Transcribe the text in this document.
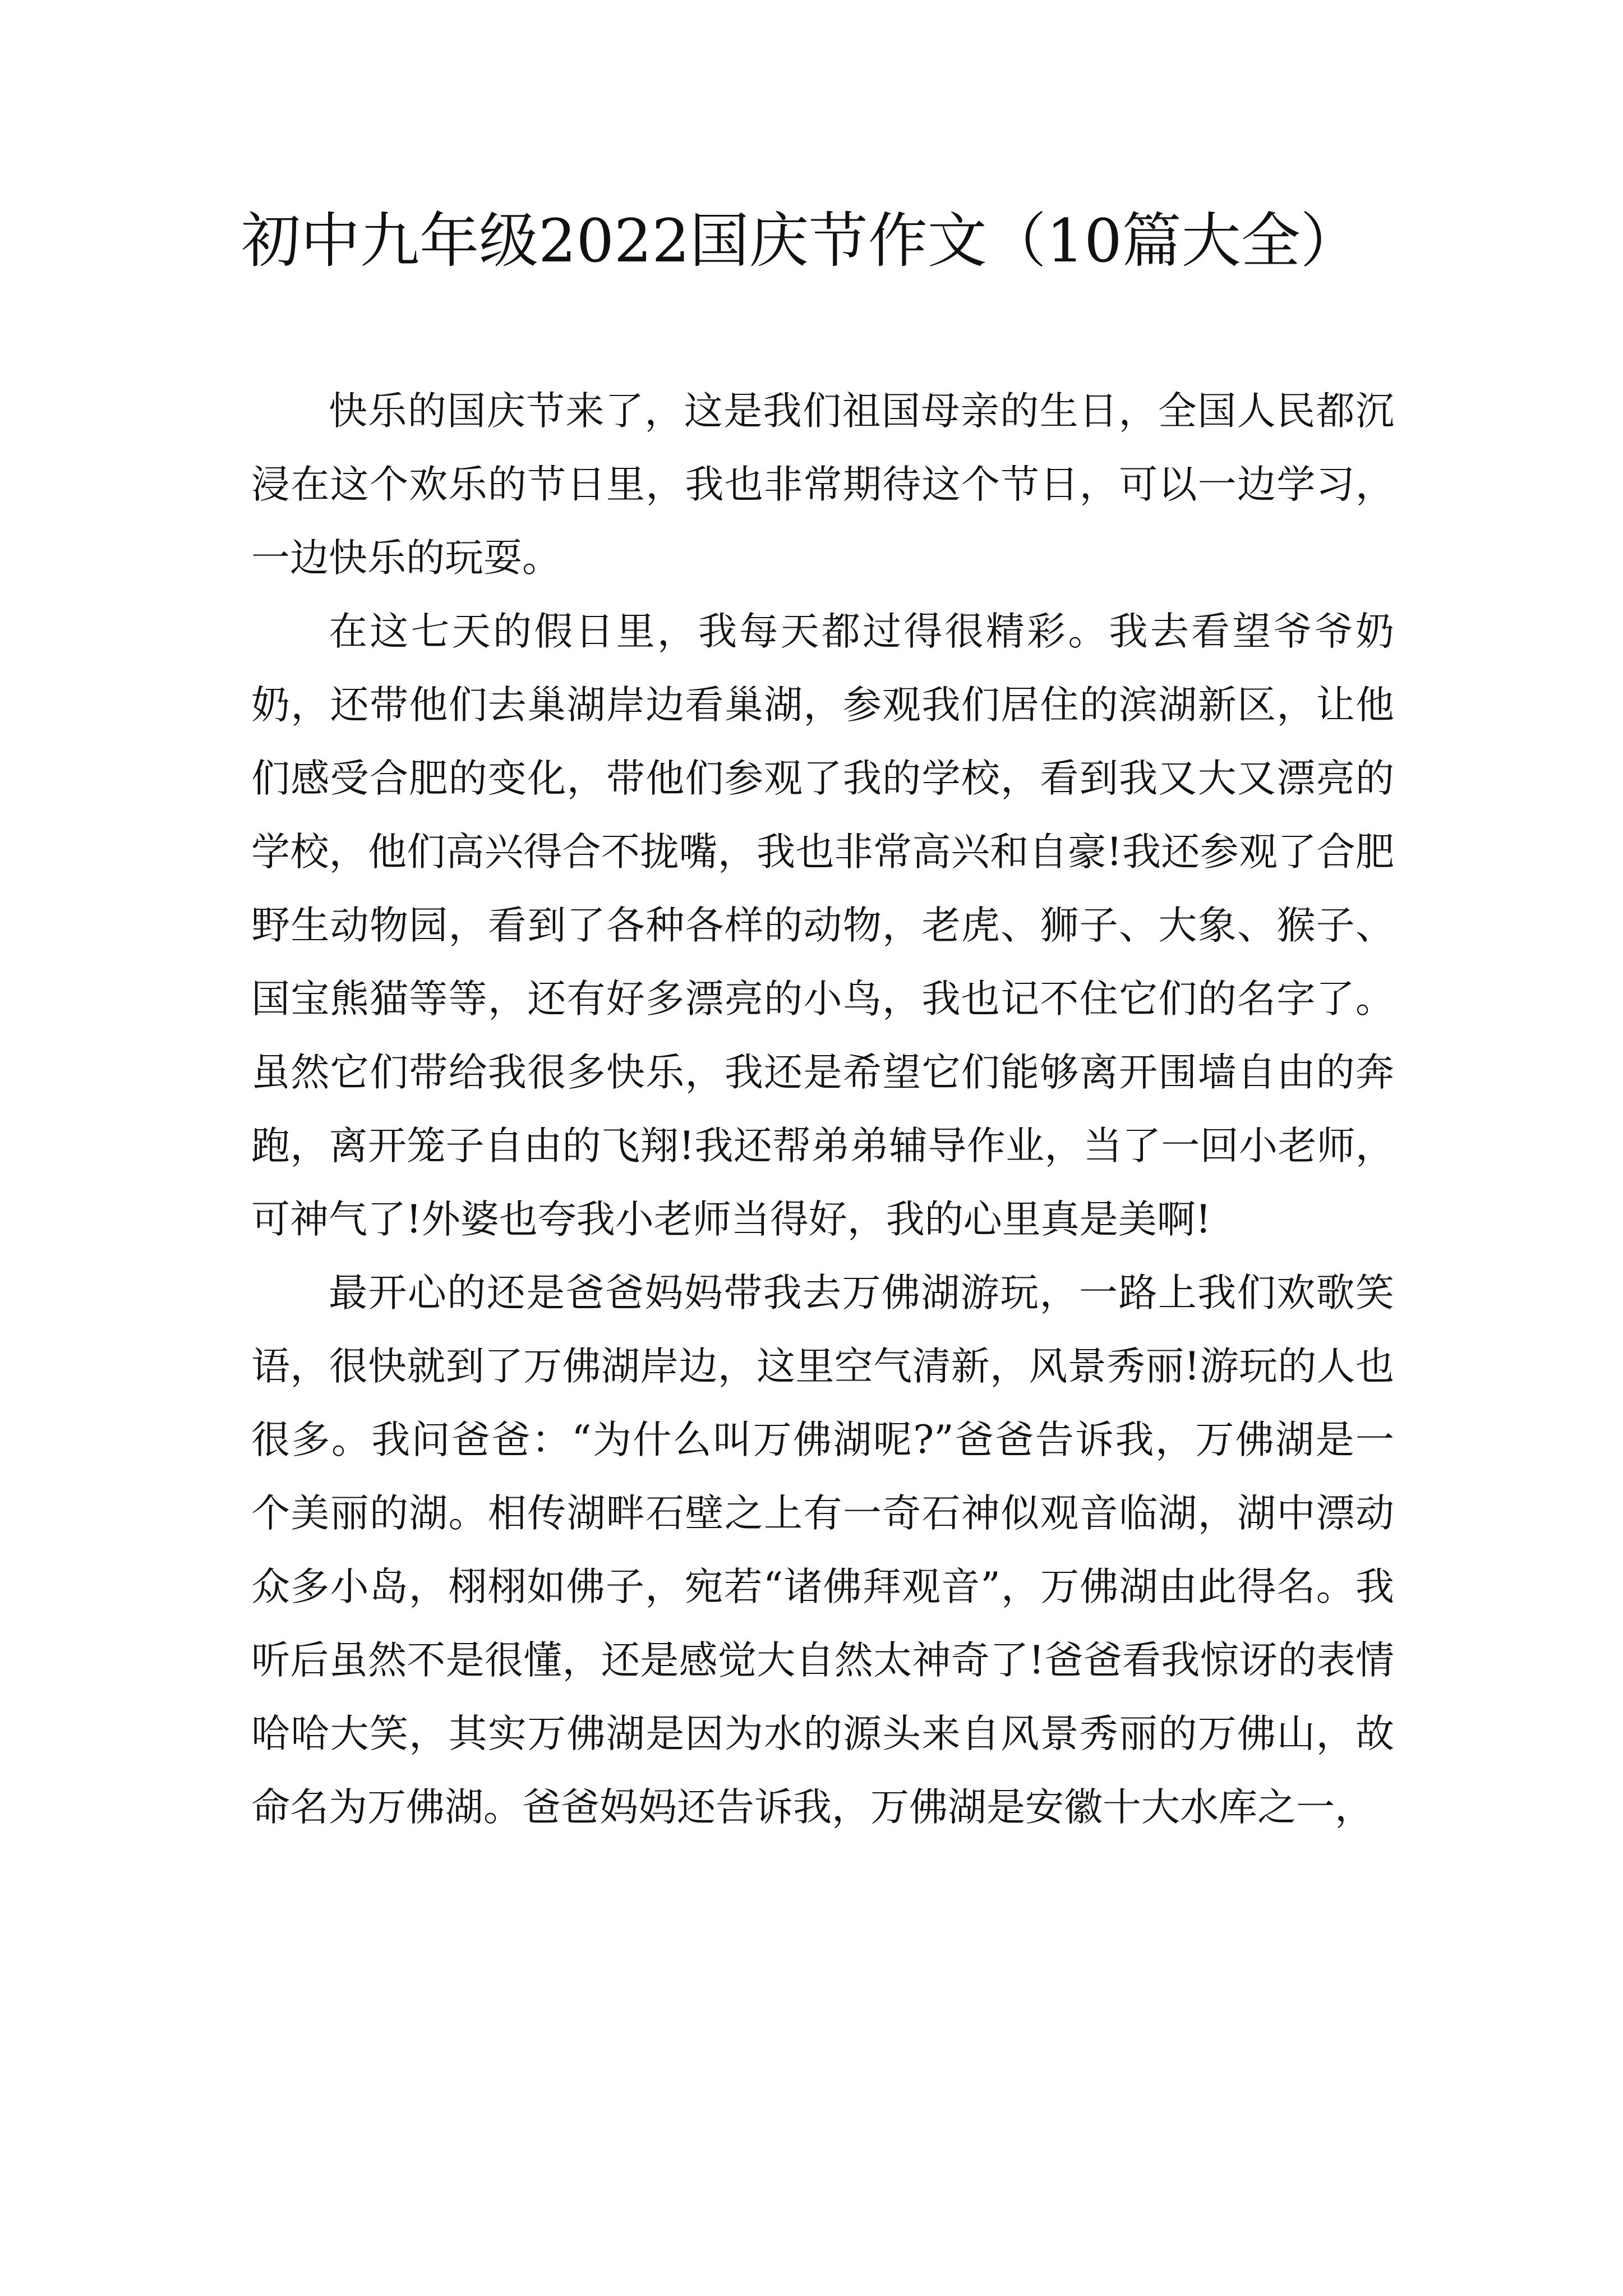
初中九年级2022国庆节作文（10篇大全）

快乐的国庆节来了，这是我们祖国母亲的生日，全国人民都沉浸在这个欢乐的节日里，我也非常期待这个节日，可以一边学习，一边快乐的玩耍。

在这七天的假日里，我每天都过得很精彩。我去看望爷爷奶奶，还带他们去巢湖岸边看巢湖，参观我们居住的滨湖新区，让他们感受合肥的变化，带他们参观了我的学校，看到我又大又漂亮的学校，他们高兴得合不拢嘴，我也非常高兴和自豪!我还参观了合肥野生动物园，看到了各种各样的动物，老虎、狮子、大象、猴子、国宝熊猫等等，还有好多漂亮的小鸟，我也记不住它们的名字了。虽然它们带给我很多快乐，我还是希望它们能够离开围墙自由的奔跑，离开笼子自由的飞翔!我还帮弟弟辅导作业，当了一回小老师，可神气了!外婆也夸我小老师当得好，我的心里真是美啊!

最开心的还是爸爸妈妈带我去万佛湖游玩，一路上我们欢歌笑语，很快就到了万佛湖岸边，这里空气清新，风景秀丽!游玩的人也很多。我问爸爸：“为什么叫万佛湖呢?”爸爸告诉我，万佛湖是一个美丽的湖。相传湖畔石壁之上有一奇石神似观音临湖，湖中漂动众多小岛，栩栩如佛子，宛若“诸佛拜观音”，万佛湖由此得名。我听后虽然不是很懂，还是感觉大自然太神奇了!爸爸看我惊讶的表情哈哈大笑，其实万佛湖是因为水的源头来自风景秀丽的万佛山，故命名为万佛湖。爸爸妈妈还告诉我，万佛湖是安徽十大水库之一，
